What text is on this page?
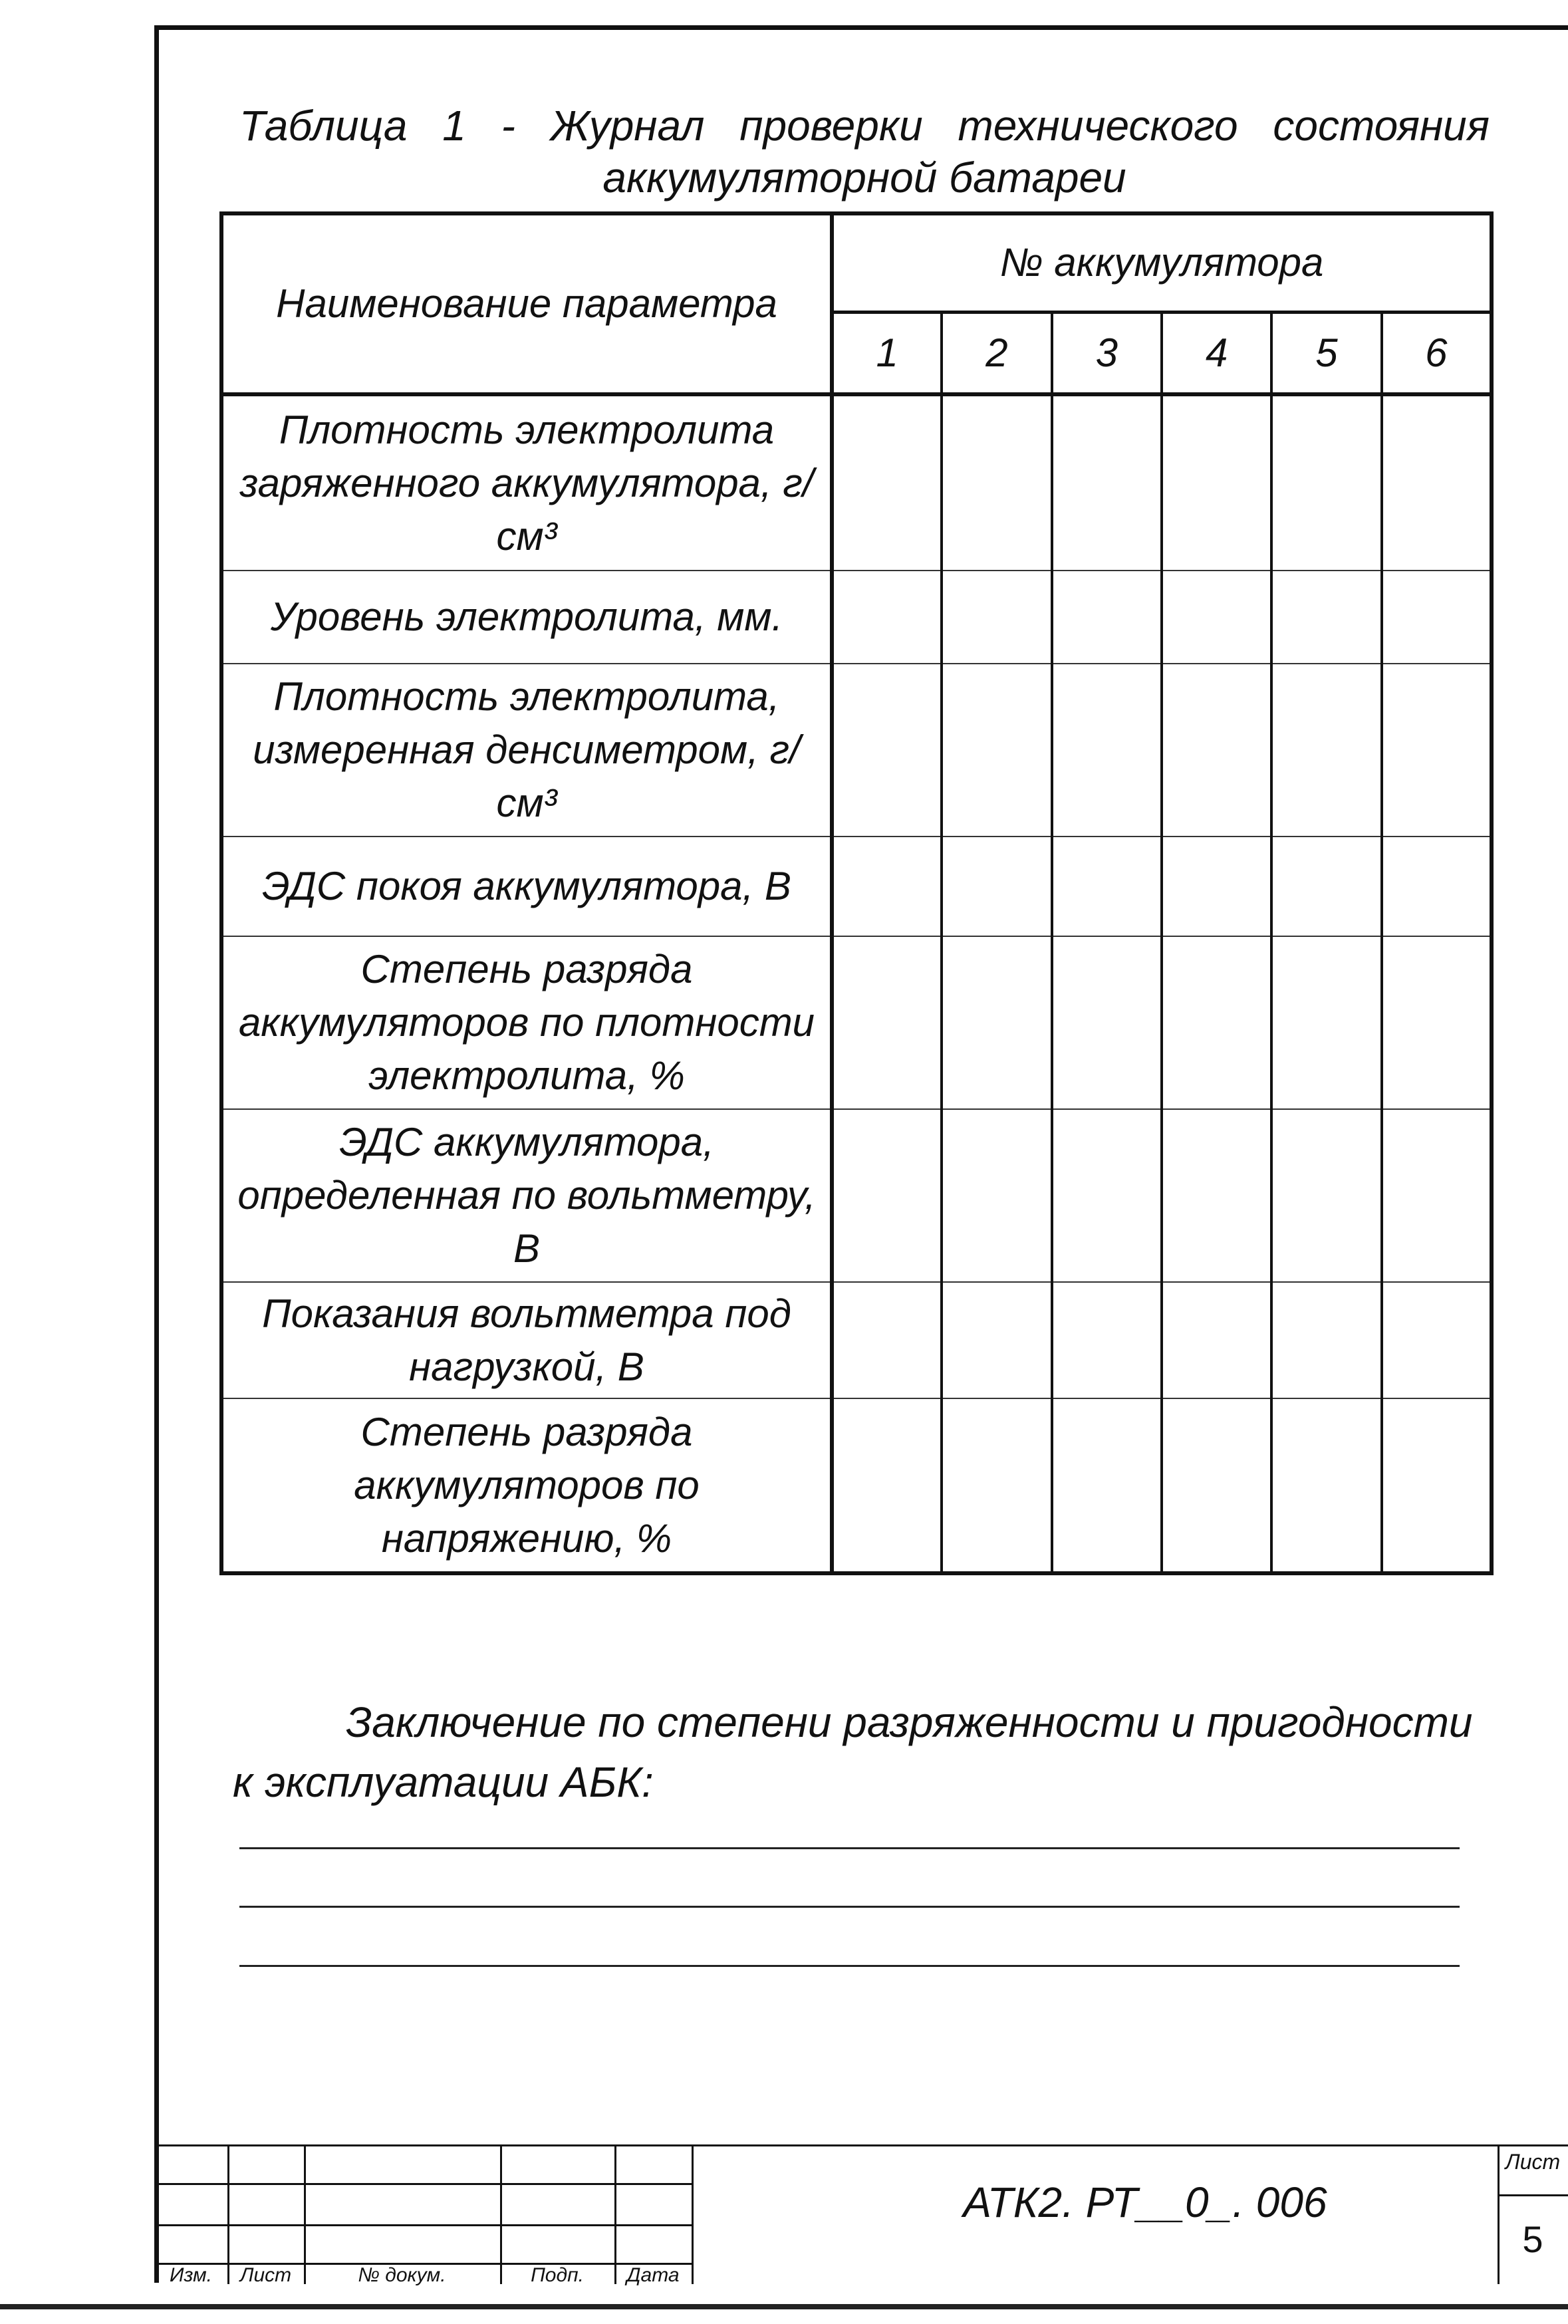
Таблица 1 - Журнал проверки технического состояния
аккумуляторной батареи
Наименование параметра	№ аккумулятора					
	1	2	3	4	5	6
Плотность электролита заряженного аккумулятора, г/см³						
Уровень электролита, мм.						
Плотность электролита, измеренная денсиметром, г/см³						
ЭДС покоя аккумулятора, В						
Степень разряда аккумуляторов по плотности электролита, %						
ЭДС аккумулятора, определенная по вольтметру, В						
Показания вольтметра под нагрузкой, В						
Степень разряда аккумуляторов по напряжению, %						
Заключение по степени разряженности и пригодности к эксплуатации АБК:
Изм.	Лист	№ докум.	Подп.	Дата
АТК2. РТ__0_. 006
Лист
5
